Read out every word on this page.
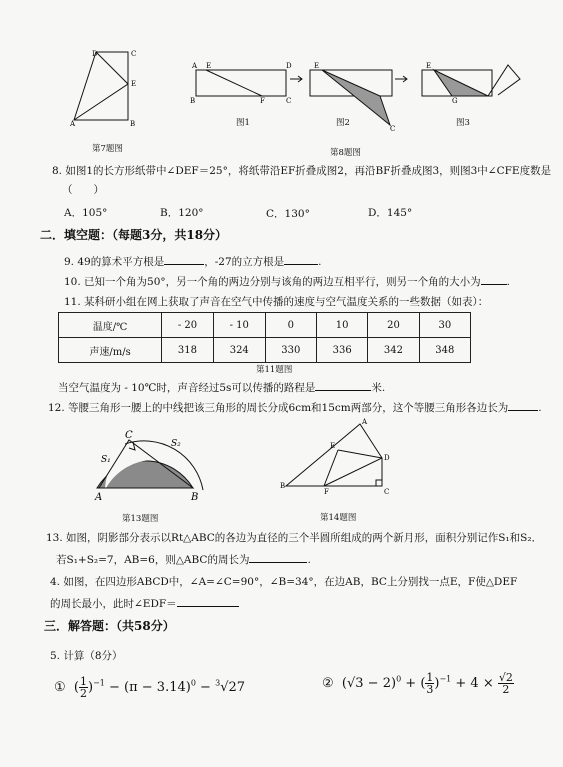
D	C
E
A	B
第7题图
A E
B	F	C
D	E
C
E
G
图1	图2	图3
第8题图
8. 如图1的长方形纸带中∠DEF＝25°，将纸带沿EF折叠成图2，再沿BF折叠成图3，则图3中∠CFE度数是
（　　）
A．105°	B．120°	C．130°	D．145°
二．填空题：（每题3分，共18分）
9. 49的算术平方根是	，-27的立方根是	.
10. 已知一个角为50°，另一个角的两边分别与该角的两边互相平行，则另一个角的大小为 .
11. 某科研小组在网上获取了声音在空气中传播的速度与空气温度关系的一些数据（如表）：
温度/℃	- 20	- 10	0	10	20	30
声速/m/s	318	324	330	336	342	348
第11题图
当空气温度为 - 10℃时，声音经过5s可以传播的路程是	米.
12. 等腰三角形一腰上的中线把该三角形的周长分成6cm和15cm两部分，这个等腰三角形各边长为	.
A	B
C
S₁
S₂
第13题图
A
E
D
B
F	C
第14题图
13. 如图，阴影部分表示以Rt△ABC的各边为直径的三个半圆所组成的两个新月形，面积分别记作S₁和S₂．
若S₁+S₂=7，AB=6，则△ABC的周长为	.
4. 如图，在四边形ABCD中，∠A=∠C=90°，∠B=34°，在边AB，BC上分别找一点E，F使△DEF
的周长最小，此时∠EDF＝
三．解答题：（共58分）
5. 计算（8分）
①  ( $\frac{1}{2} )^{-1} - (\pi - 3.14)^0 - ^3√27$	②  $(√3 - 2)^0$ + ( $\frac{1}{3} )^{-1} + 4 \times \frac{√2}{2}$
